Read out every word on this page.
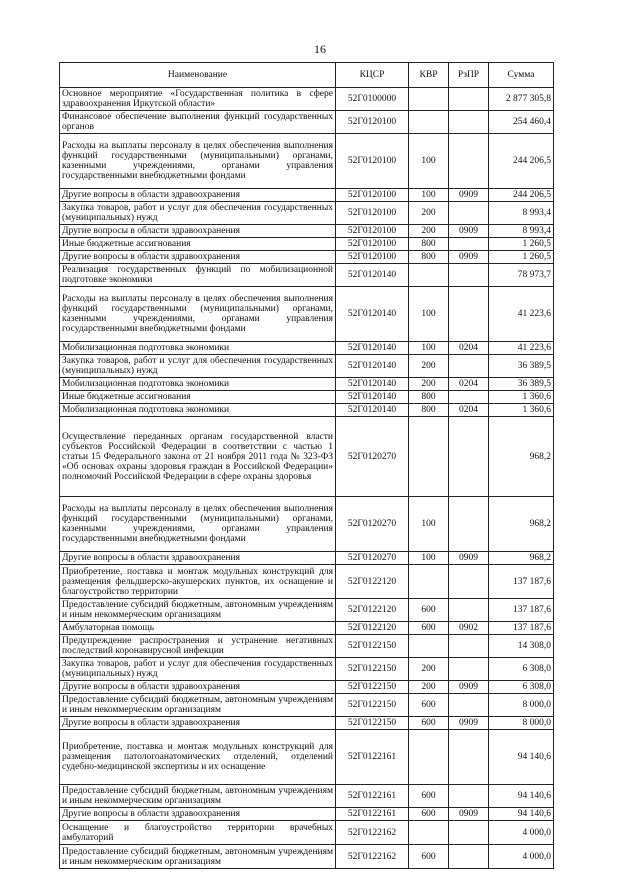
16
Наименование	КЦСР	КВР	РзПР	Сумма
Основное мероприятие «Государственная политика в сфере здравоохранения Иркутской области»	52Г0100000			2 877 305,8
Финансовое обеспечение выполнения функций государственных органов	52Г0120100			254 460,4
Расходы на выплаты персоналу в целях обеспечения выполнения функций государственными (муниципальными) органами, казенными учреждениями, органами управления государственными внебюджетными фондами	52Г0120100	100		244 206,5
Другие вопросы в области здравоохранения	52Г0120100	100	0909	244 206,5
Закупка товаров, работ и услуг для обеспечения государственных (муниципальных) нужд	52Г0120100	200		8 993,4
Другие вопросы в области здравоохранения	52Г0120100	200	0909	8 993,4
Иные бюджетные ассигнования	52Г0120100	800		1 260,5
Другие вопросы в области здравоохранения	52Г0120100	800	0909	1 260,5
Реализация государственных функций по мобилизационной подготовке экономики	52Г0120140			78 973,7
Расходы на выплаты персоналу в целях обеспечения выполнения функций государственными (муниципальными) органами, казенными учреждениями, органами управления государственными внебюджетными фондами	52Г0120140	100		41 223,6
Мобилизационная подготовка экономики	52Г0120140	100	0204	41 223,6
Закупка товаров, работ и услуг для обеспечения государственных (муниципальных) нужд	52Г0120140	200		36 389,5
Мобилизационная подготовка экономики	52Г0120140	200	0204	36 389,5
Иные бюджетные ассигнования	52Г0120140	800		1 360,6
Мобилизационная подготовка экономики	52Г0120140	800	0204	1 360,6
Осуществление переданных органам государственной власти субъектов Российской Федерации в соответствии с частью 1 статьи 15 Федерального закона от 21 ноября 2011 года № 323-ФЗ «Об основах охраны здоровья граждан в Российской Федерации» полномочий Российской Федерации в сфере охраны здоровья	52Г0120270			968,2
Расходы на выплаты персоналу в целях обеспечения выполнения функций государственными (муниципальными) органами, казенными учреждениями, органами управления государственными внебюджетными фондами	52Г0120270	100		968,2
Другие вопросы в области здравоохранения	52Г0120270	100	0909	968,2
Приобретение, поставка и монтаж модульных конструкций для размещения фельдшерско-акушерских пунктов, их оснащение и благоустройство территории	52Г0122120			137 187,6
Предоставление субсидий бюджетным, автономным учреждениям и иным некоммерческим организациям	52Г0122120	600		137 187,6
Амбулаторная помощь	52Г0122120	600	0902	137 187,6
Предупреждение распространения и устранение негативных последствий коронавирусной инфекции	52Г0122150			14 308,0
Закупка товаров, работ и услуг для обеспечения государственных (муниципальных) нужд	52Г0122150	200		6 308,0
Другие вопросы в области здравоохранения	52Г0122150	200	0909	6 308,0
Предоставление субсидий бюджетным, автономным учреждениям и иным некоммерческим организациям	52Г0122150	600		8 000,0
Другие вопросы в области здравоохранения	52Г0122150	600	0909	8 000,0
Приобретение, поставка и монтаж модульных конструкций для размещения патологоанатомических отделений, отделений судебно-медицинской экспертизы и их оснащение	52Г0122161			94 140,6
Предоставление субсидий бюджетным, автономным учреждениям и иным некоммерческим организациям	52Г0122161	600		94 140,6
Другие вопросы в области здравоохранения	52Г0122161	600	0909	94 140,6
Оснащение и благоустройство территории врачебных амбулаторий	52Г0122162			4 000,0
Предоставление субсидий бюджетным, автономным учреждениям и иным некоммерческим организациям	52Г0122162	600		4 000,0
